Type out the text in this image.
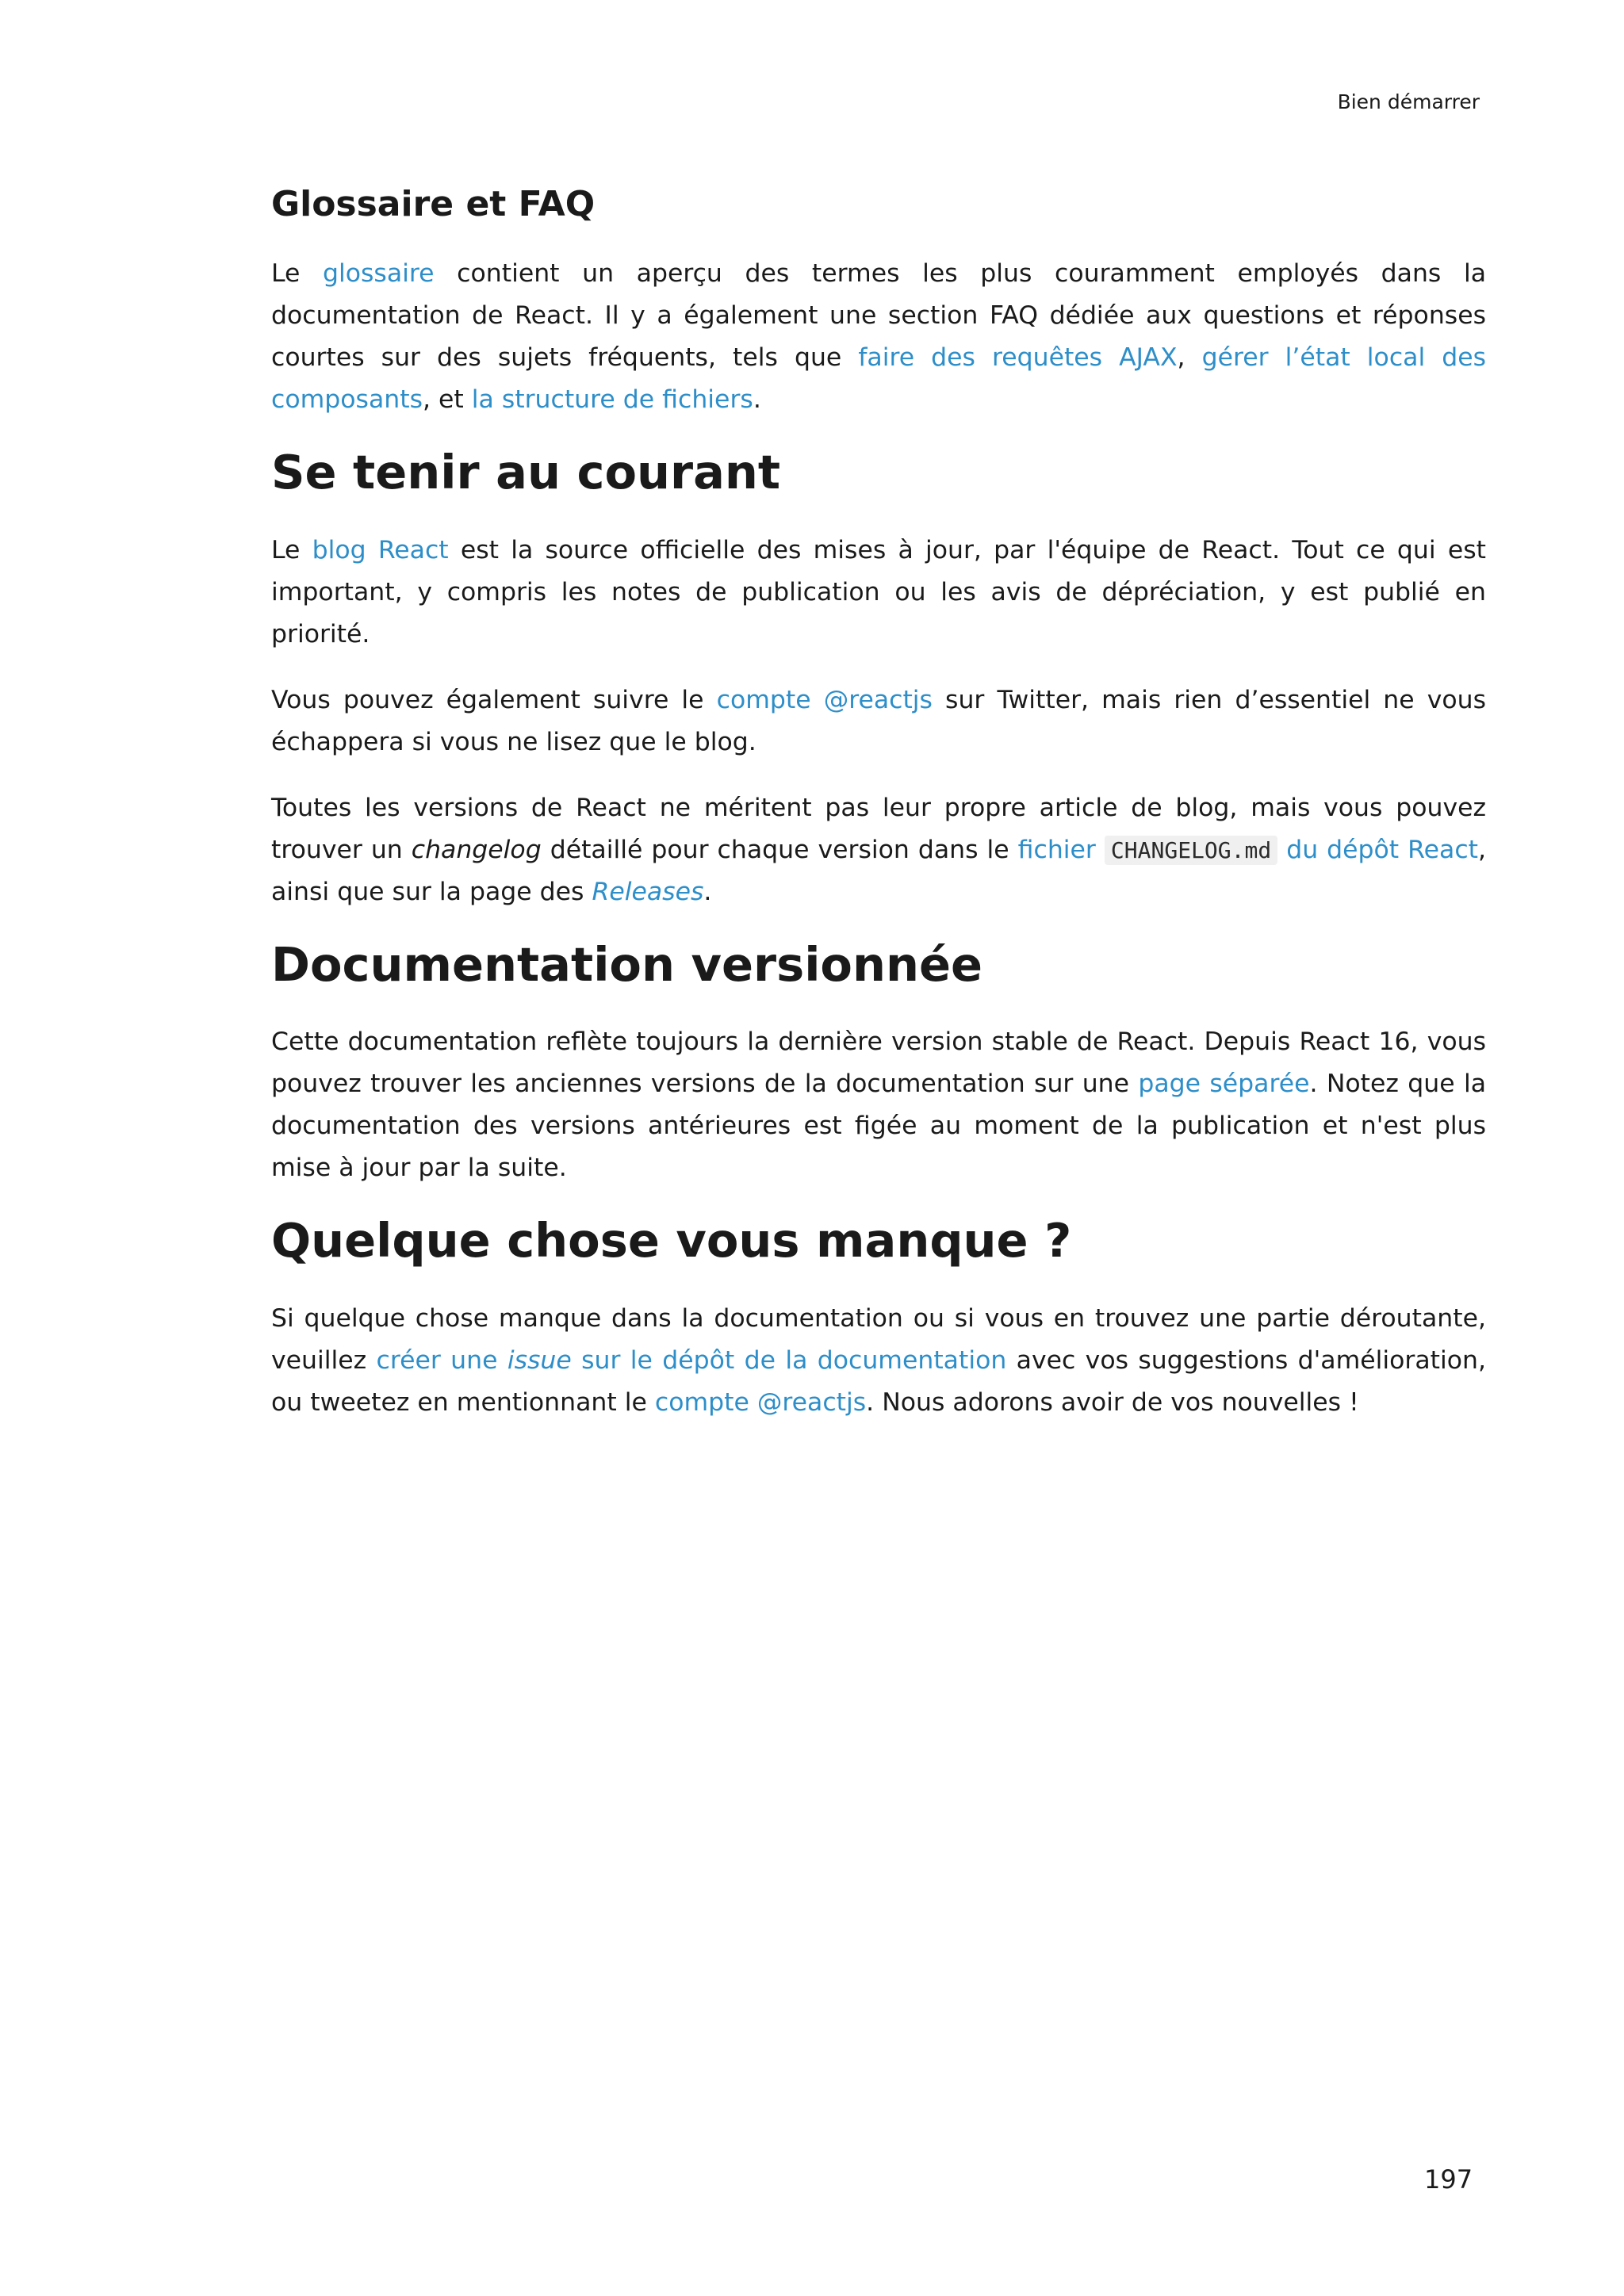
Bien démarrer
Glossaire et FAQ

Le glossaire contient un aperçu des termes les plus couramment employés dans la documentation de React. Il y a également une section FAQ dédiée aux questions et réponses courtes sur des sujets fréquents, tels que faire des requêtes AJAX, gérer l’état local des composants, et la structure de fichiers.

Se tenir au courant

Le blog React est la source officielle des mises à jour, par l'équipe de React. Tout ce qui est important, y compris les notes de publication ou les avis de dépréciation, y est publié en priorité.

Vous pouvez également suivre le compte @reactjs sur Twitter, mais rien d’essentiel ne vous échappera si vous ne lisez que le blog.

Toutes les versions de React ne méritent pas leur propre article de blog, mais vous pouvez trouver un changelog détaillé pour chaque version dans le fichier CHANGELOG.md du dépôt React, ainsi que sur la page des Releases.

Documentation versionnée

Cette documentation reflète toujours la dernière version stable de React. Depuis React 16, vous pouvez trouver les anciennes versions de la documentation sur une page séparée. Notez que la documentation des versions antérieures est figée au moment de la publication et n'est plus mise à jour par la suite.

Quelque chose vous manque ?

Si quelque chose manque dans la documentation ou si vous en trouvez une partie déroutante, veuillez créer une issue sur le dépôt de la documentation avec vos suggestions d'amélioration, ou tweetez en mentionnant le compte @reactjs. Nous adorons avoir de vos nouvelles !

197
